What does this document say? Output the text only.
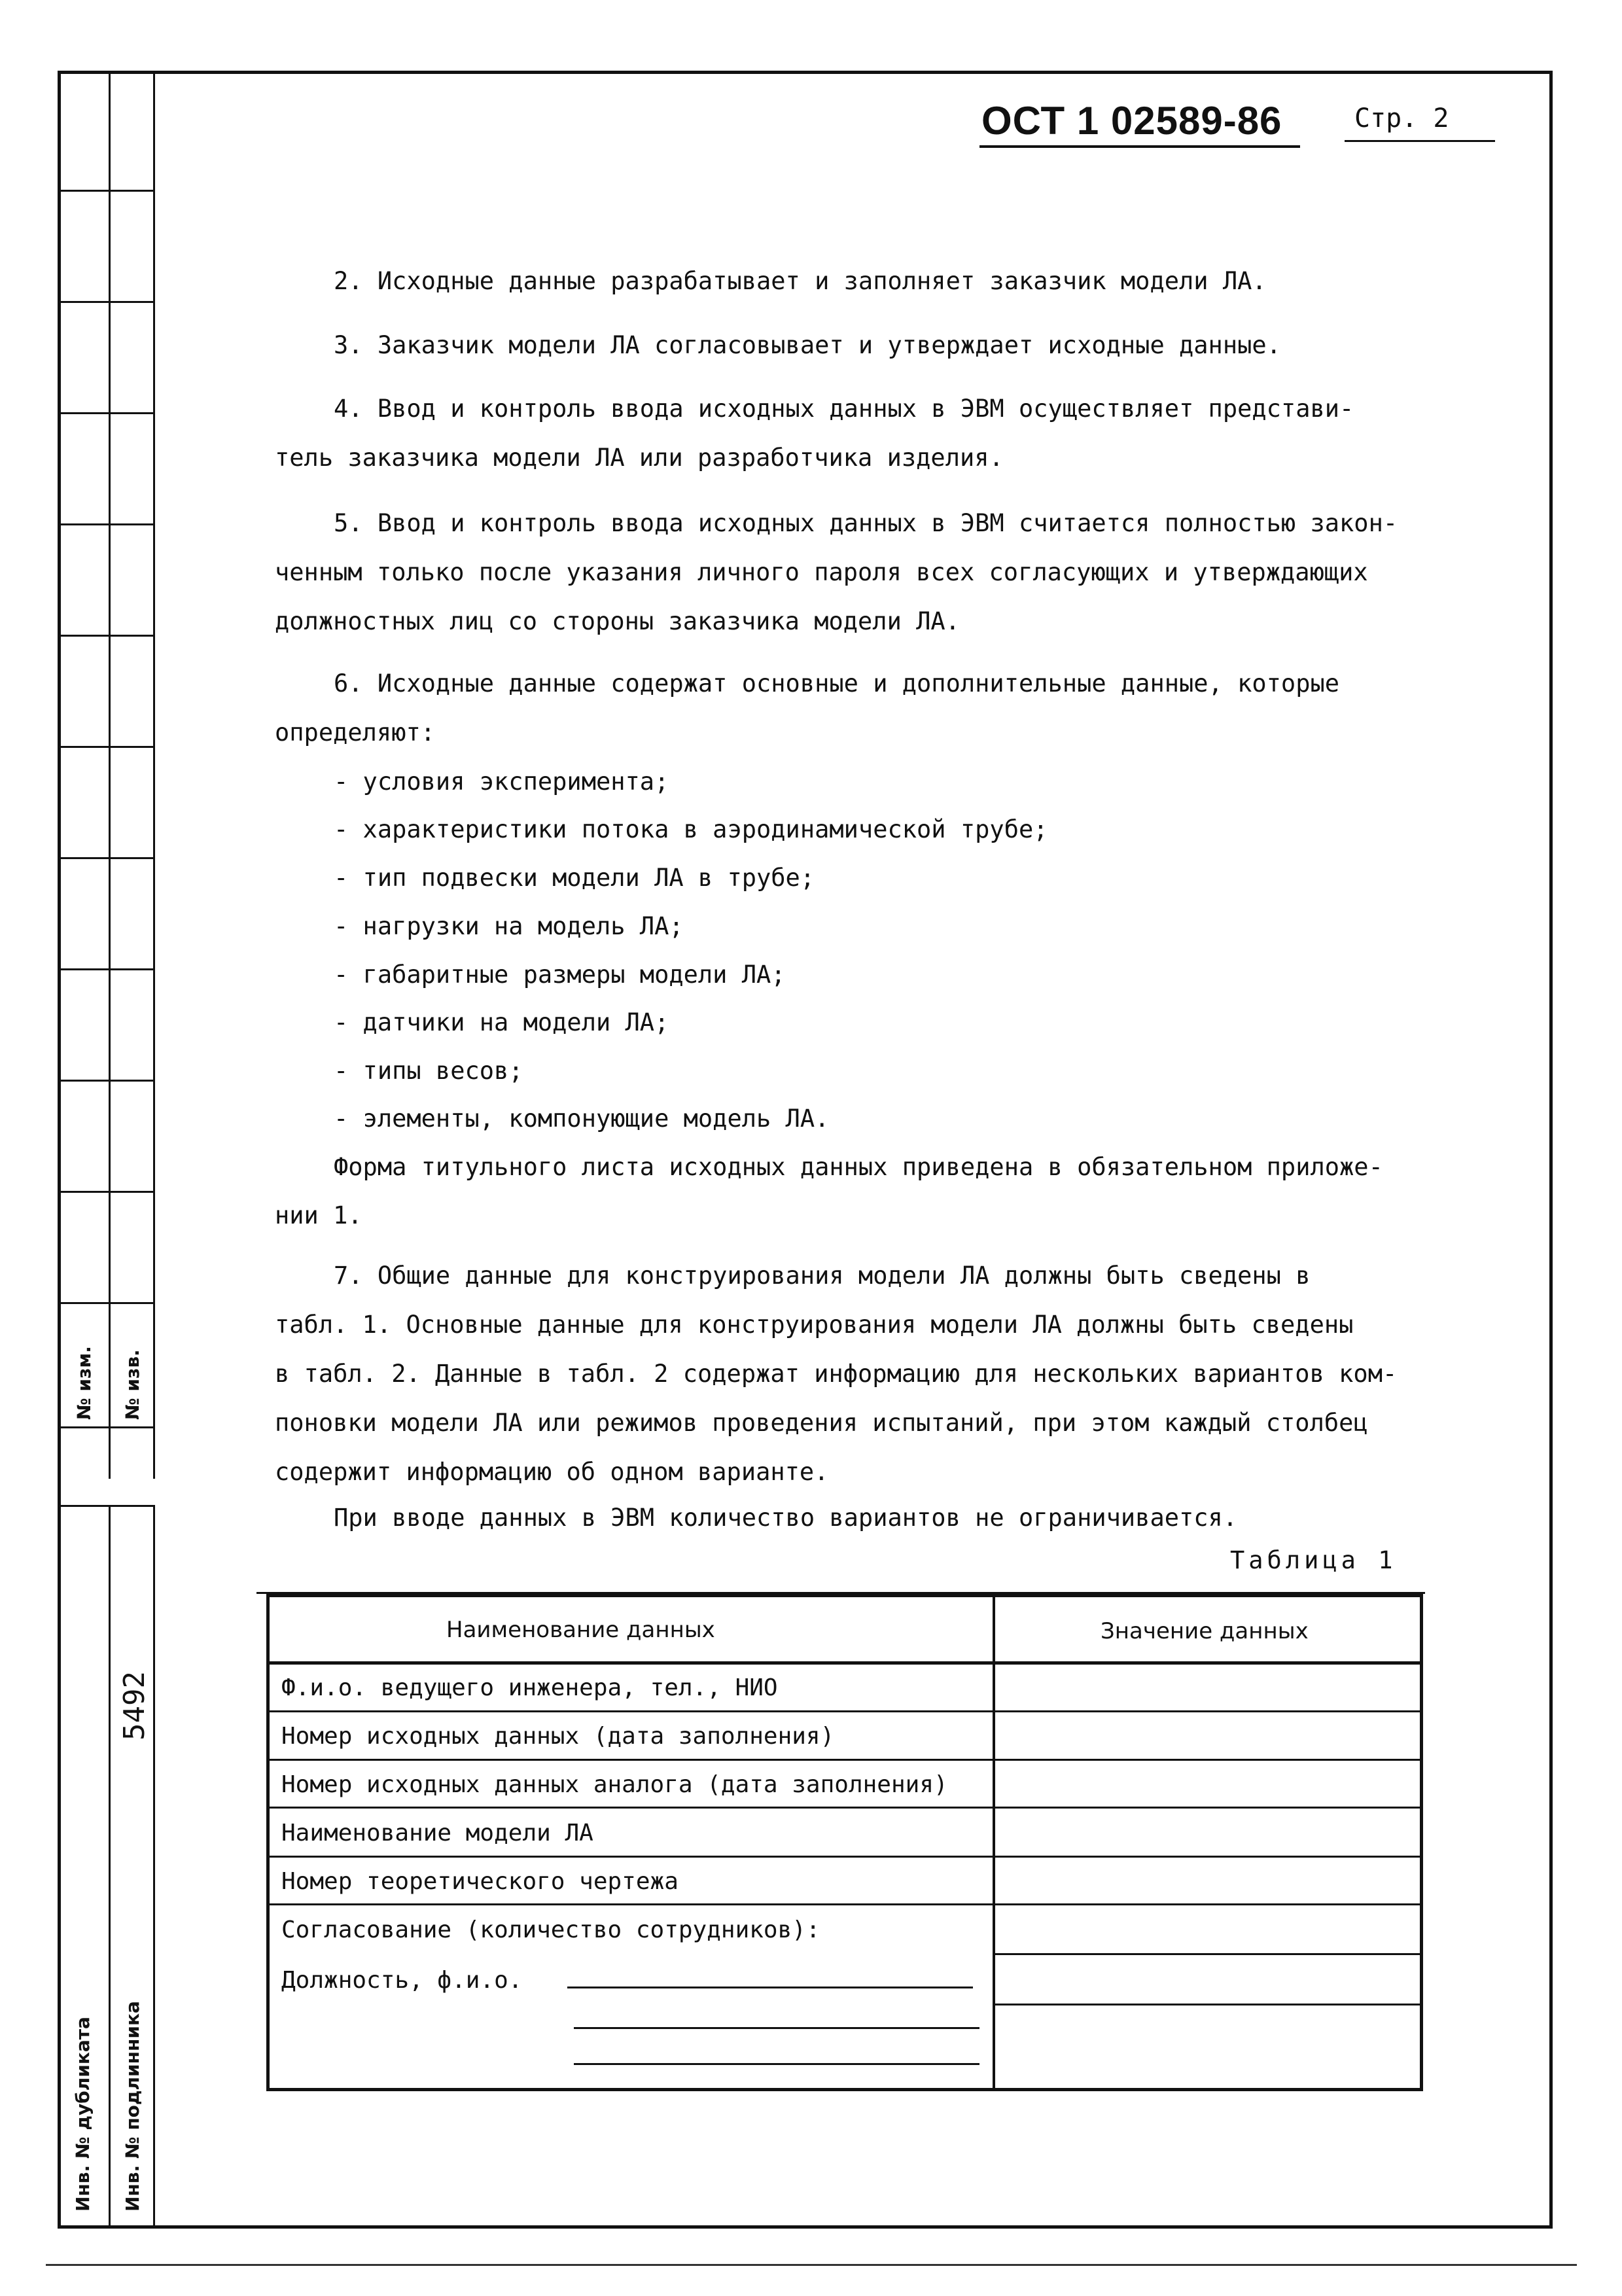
№ изм. № изв.
5492
Инв. № дубликата Инв. № подлинника
ОСТ 1 02589-86	Стр. 2
2. Исходные данные разрабатывает и заполняет заказчик модели ЛА.
3. Заказчик модели ЛА согласовывает и утверждает исходные данные.
4. Ввод и контроль ввода исходных данных в ЭВМ осуществляет представи-
тель заказчика модели ЛА или разработчика изделия.
5. Ввод и контроль ввода исходных данных в ЭВМ считается полностью закон-
ченным только после указания личного пароля всех согласующих и утверждающих
должностных лиц со стороны заказчика модели ЛА.
6. Исходные данные содержат основные и дополнительные данные, которые
определяют:
- условия эксперимента;
- характеристики потока в аэродинамической трубе;
- тип подвески модели ЛА в трубе;
- нагрузки на модель ЛА;
- габаритные размеры модели ЛА;
- датчики на модели ЛА;
- типы весов;
- элементы, компонующие модель ЛА.
Форма титульного листа исходных данных приведена в обязательном приложе-
нии 1.
7. Общие данные для конструирования модели ЛА должны быть сведены в
табл. 1. Основные данные для конструирования модели ЛА должны быть сведены
в табл. 2. Данные в табл. 2 содержат информацию для нескольких вариантов ком-
поновки модели ЛА или режимов проведения испытаний, при этом каждый столбец
содержит информацию об одном варианте.
При вводе данных в ЭВМ количество вариантов не ограничивается.
Таблица 1
Наименование данных	Значение данных
Ф.и.о. ведущего инженера, тел., НИО
Номер исходных данных (дата заполнения)
Номер исходных данных аналога (дата заполнения)
Наименование модели ЛА
Номер теоретического чертежа
Согласование (количество сотрудников):
Должность, ф.и.о.
